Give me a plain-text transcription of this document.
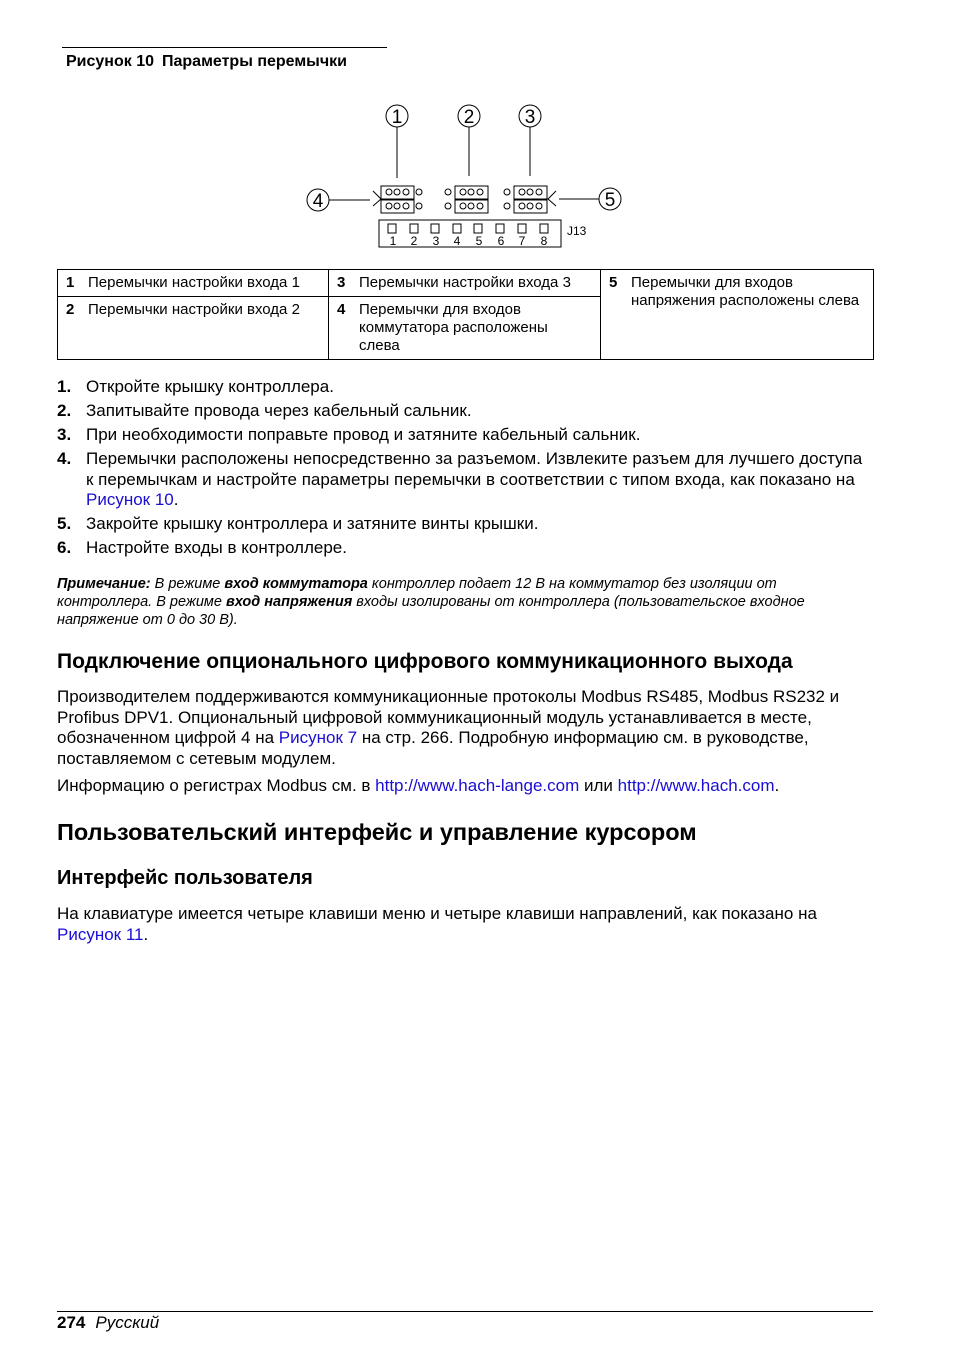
Рисунок 10 Параметры перемычки
1	2	3
4	5
1 2 3 4 5 6 7 8
J13
1 Перемычки настройки входа 1	3 Перемычки настройки входа 3	5 Перемычки для входов напряжения расположены слева
2 Перемычки настройки входа 2	4 Перемычки для входов коммутатора расположены слева	
1. Откройте крышку контроллера.
2. Запитывайте провода через кабельный сальник.
3. При необходимости поправьте провод и затяните кабельный сальник.
4. Перемычки расположены непосредственно за разъемом. Извлеките разъем для лучшего доступа к перемычкам и настройте параметры перемычки в соответствии с типом входа, как показано на Рисунок 10.
5. Закройте крышку контроллера и затяните винты крышки.
6. Настройте входы в контроллере.
Примечание: В режиме вход коммутатора контроллер подает 12 В на коммутатор без изоляции от контроллера. В режиме вход напряжения входы изолированы от контроллера (пользовательское входное напряжение от 0 до 30 В).
Подключение опционального цифрового коммуникационного выхода
Производителем поддерживаются коммуникационные протоколы Modbus RS485, Modbus RS232 и Profibus DPV1. Опциональный цифровой коммуникационный модуль устанавливается в месте, обозначенном цифрой 4 на Рисунок 7 на стр. 266. Подробную информацию см. в руководстве, поставляемом с сетевым модулем.
Информацию о регистрах Modbus см. в http://www.hach-lange.com или http://www.hach.com.
Пользовательский интерфейс и управление курсором
Интерфейс пользователя
На клавиатуре имеется четыре клавиши меню и четыре клавиши направлений, как показано на Рисунок 11.
274 Русский
